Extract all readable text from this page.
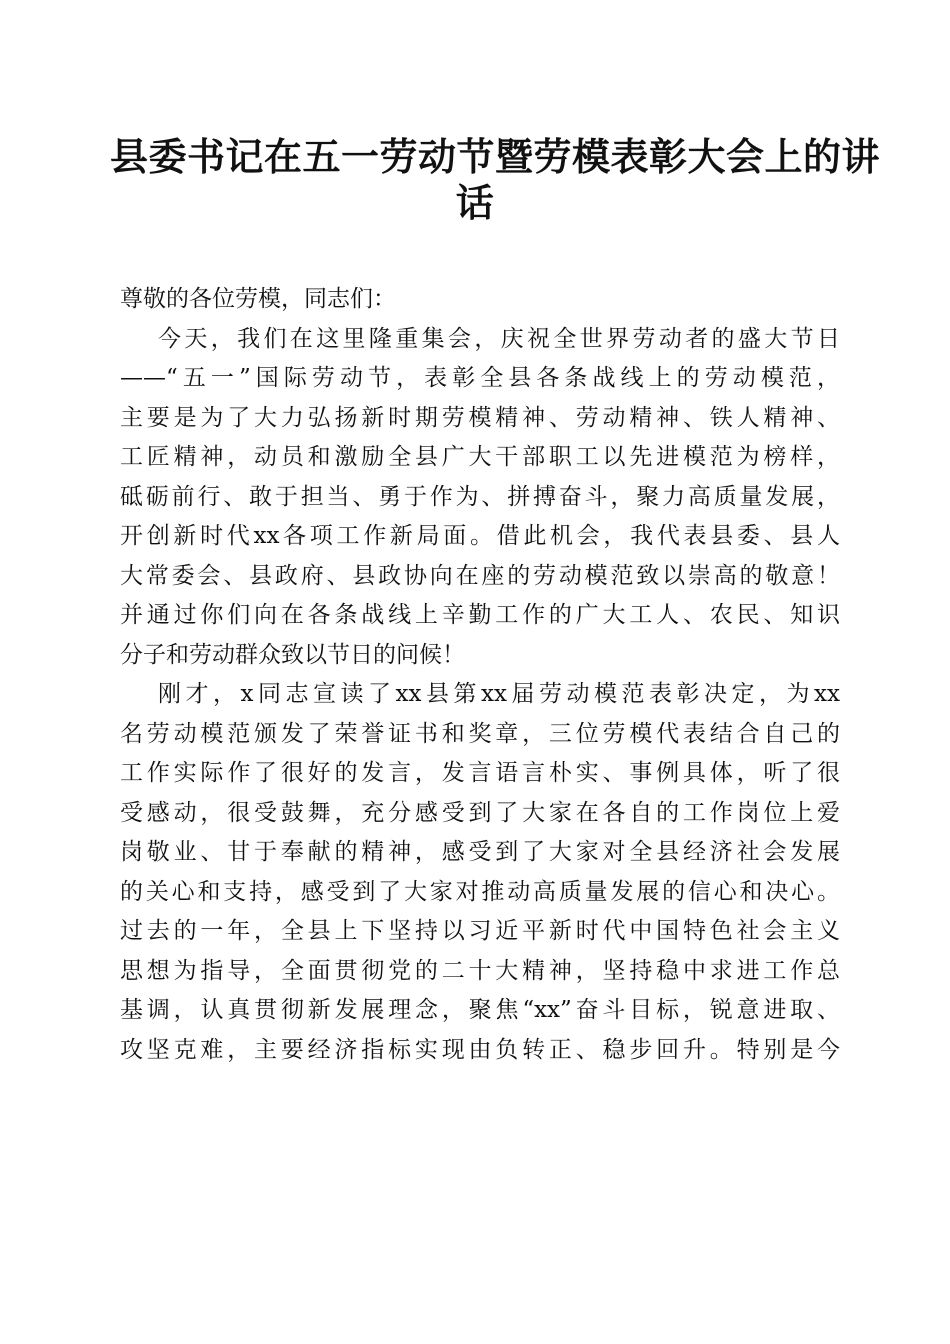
县委书记在五一劳动节暨劳模表彰大会上的讲
话
尊敬的各位劳模，同志们：
今天，我们在这里隆重集会，庆祝全世界劳动者的盛大节日
——“五一”国际劳动节，表彰全县各条战线上的劳动模范，
主要是为了大力弘扬新时期劳模精神、劳动精神、铁人精神、
工匠精神，动员和激励全县广大干部职工以先进模范为榜样，
砥砺前行、敢于担当、勇于作为、拼搏奋斗，聚力高质量发展，
开创新时代xx各项工作新局面。借此机会，我代表县委、县人
大常委会、县政府、县政协向在座的劳动模范致以崇高的敬意！
并通过你们向在各条战线上辛勤工作的广大工人、农民、知识
分子和劳动群众致以节日的问候！
刚才，x同志宣读了xx县第xx届劳动模范表彰决定，为xx
名劳动模范颁发了荣誉证书和奖章，三位劳模代表结合自己的
工作实际作了很好的发言，发言语言朴实、事例具体，听了很
受感动，很受鼓舞，充分感受到了大家在各自的工作岗位上爱
岗敬业、甘于奉献的精神，感受到了大家对全县经济社会发展
的关心和支持，感受到了大家对推动高质量发展的信心和决心。
过去的一年，全县上下坚持以习近平新时代中国特色社会主义
思想为指导，全面贯彻党的二十大精神，坚持稳中求进工作总
基调，认真贯彻新发展理念，聚焦“xx”奋斗目标，锐意进取、
攻坚克难，主要经济指标实现由负转正、稳步回升。特别是今
